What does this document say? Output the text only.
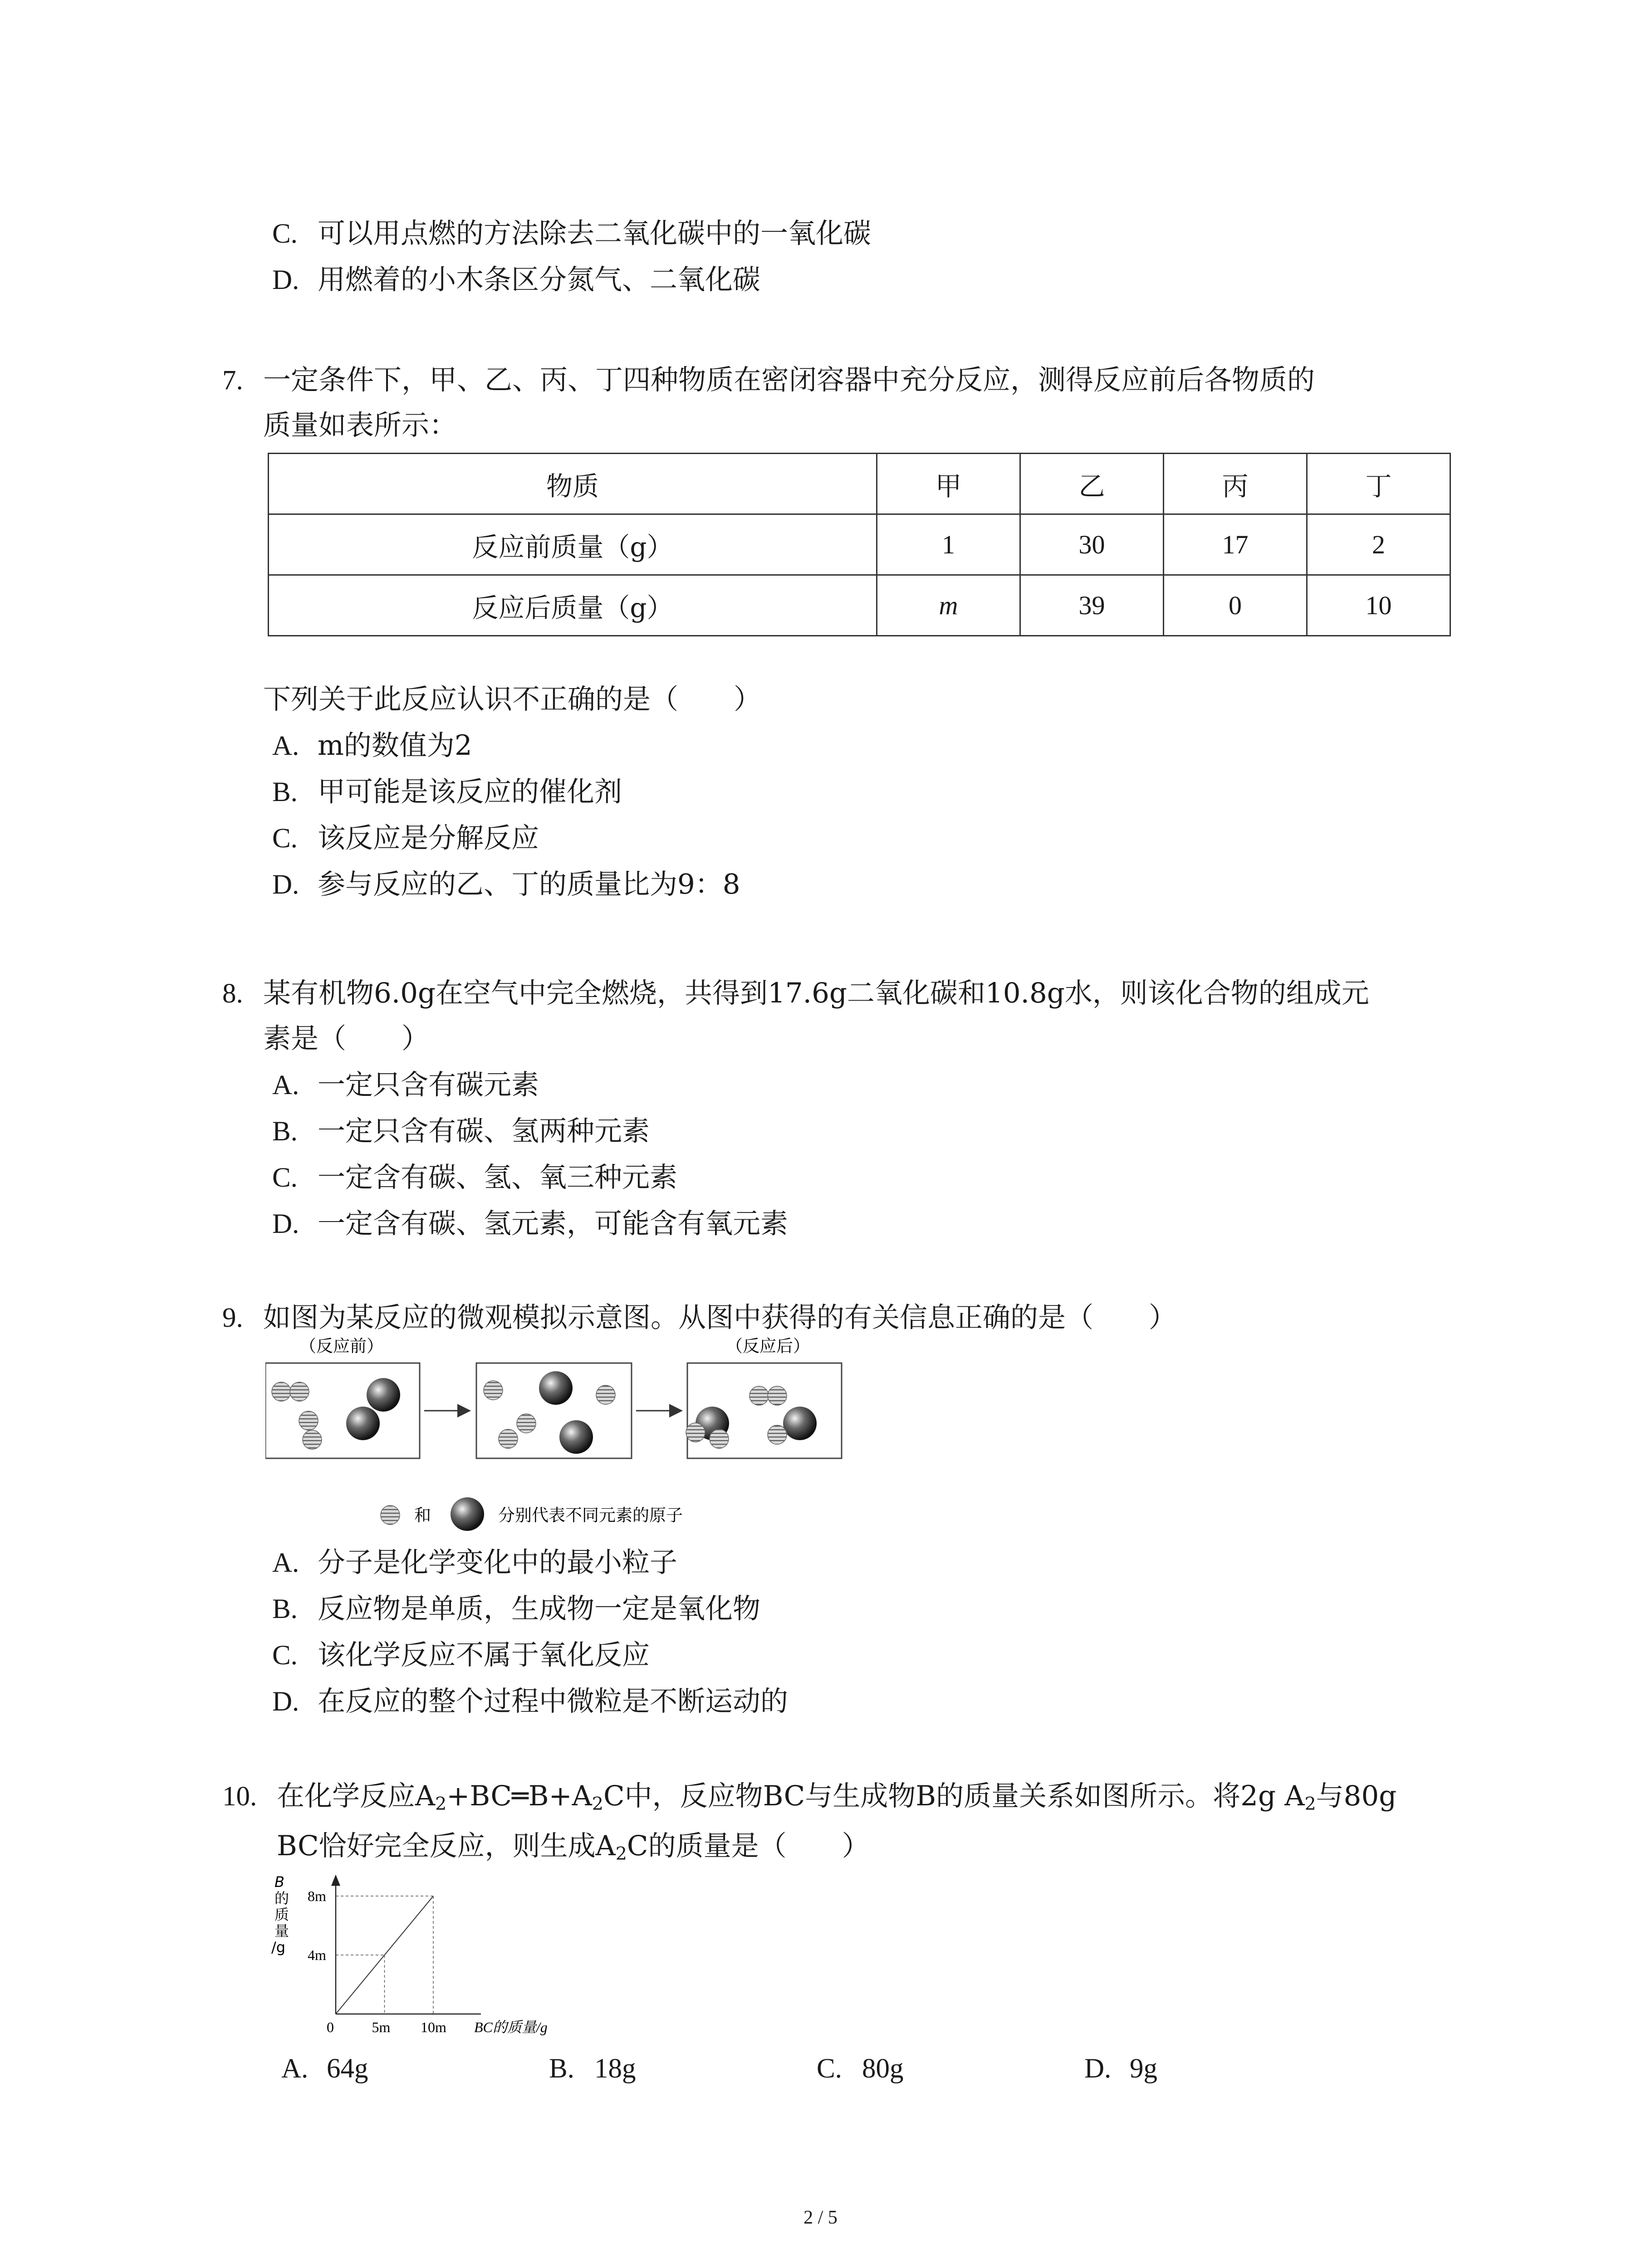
C. 可以用点燃的方法除去二氧化碳中的一氧化碳
D. 用燃着的小木条区分氮气、二氧化碳
7. 一定条件下，甲、乙、丙、丁四种物质在密闭容器中充分反应，测得反应前后各物质的
质量如表所示：
物质	甲	乙	丙	丁
反应前质量（g）	1	30	17	2
反应后质量（g）	m	39	0	10
下列关于此反应认识不正确的是（　　）
A. m的数值为2
B. 甲可能是该反应的催化剂
C. 该反应是分解反应
D. 参与反应的乙、丁的质量比为9：8
8. 某有机物6.0g在空气中完全燃烧，共得到17.6g二氧化碳和10.8g水，则该化合物的组成元
素是（　　）
A. 一定只含有碳元素
B. 一定只含有碳、氢两种元素
C. 一定含有碳、氢、氧三种元素
D. 一定含有碳、氢元素，可能含有氧元素
9. 如图为某反应的微观模拟示意图。从图中获得的有关信息正确的是（　　）
（反应前）	（反应后）
和	分别代表不同元素的原子
A. 分子是化学变化中的最小粒子
B. 反应物是单质，生成物一定是氧化物
C. 该化学反应不属于氧化反应
D. 在反应的整个过程中微粒是不断运动的
10. 在化学反应$A_2+BC═B+A_2C$中，反应物BC与生成物B的质量关系如图所示。将2g $A_2$与80g
BC恰好完全反应，则生成$A_2C$的质量是（　　）
B 的质量/g 4m
5m
8m
10m
0	BC的质量/g
A. 64g	B. 18g	C. 80g	D. 9g
2 / 5
